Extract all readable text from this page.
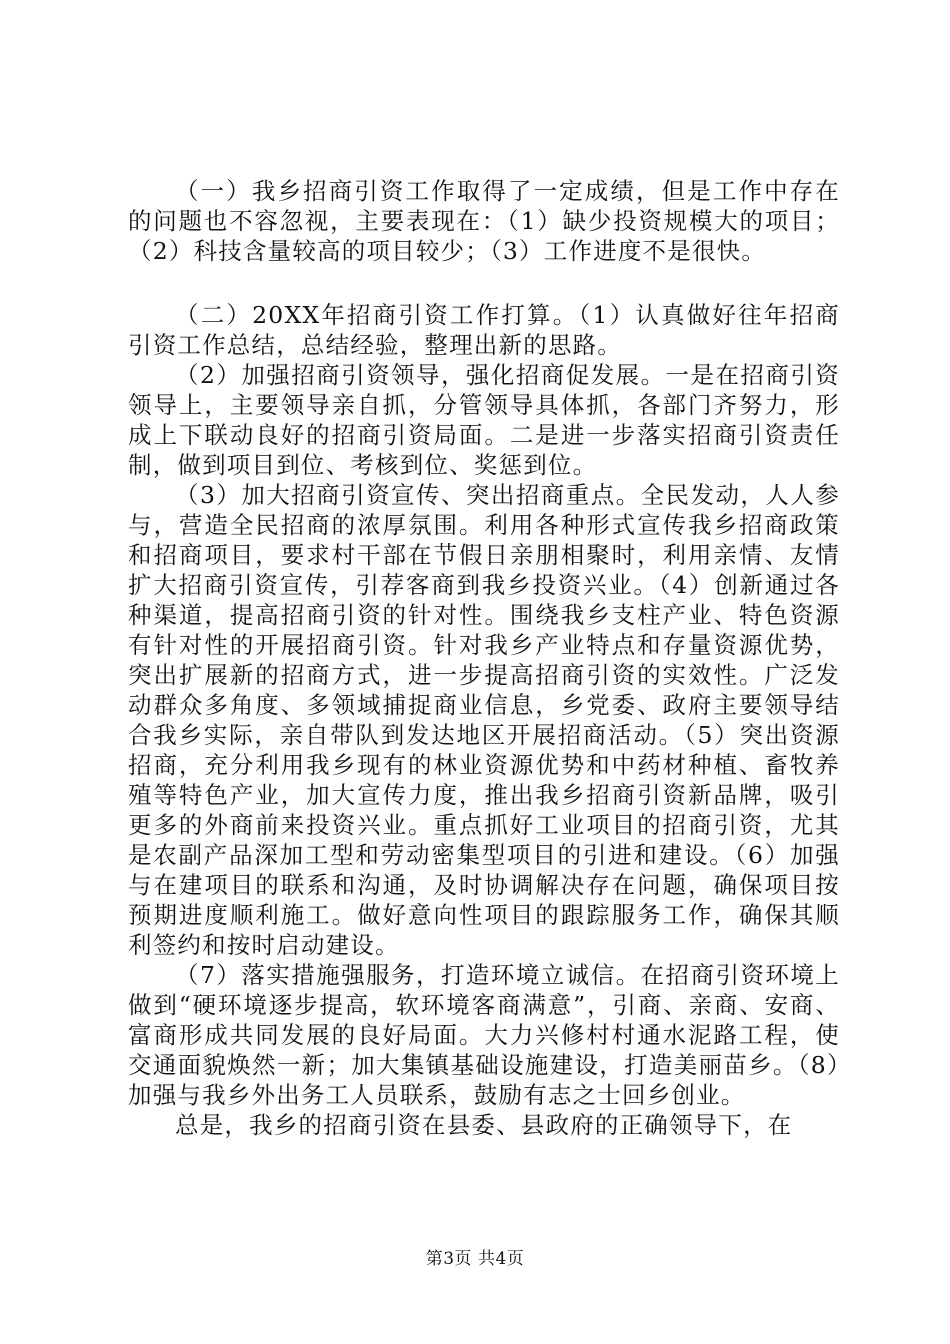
（一）我乡招商引资工作取得了一定成绩，但是工作中存在的问题也不容忽视，主要表现在：（1）缺少投资规模大的项目；（2）科技含量较高的项目较少；（3）工作进度不是很快。

（二）20XX年招商引资工作打算。（1）认真做好往年招商引资工作总结，总结经验，整理出新的思路。

（2）加强招商引资领导，强化招商促发展。一是在招商引资领导上，主要领导亲自抓，分管领导具体抓，各部门齐努力，形成上下联动良好的招商引资局面。二是进一步落实招商引资责任制，做到项目到位、考核到位、奖惩到位。

（3）加大招商引资宣传、突出招商重点。全民发动，人人参与，营造全民招商的浓厚氛围。利用各种形式宣传我乡招商政策和招商项目，要求村干部在节假日亲朋相聚时，利用亲情、友情扩大招商引资宣传，引荐客商到我乡投资兴业。（4）创新通过各种渠道，提高招商引资的针对性。围绕我乡支柱产业、特色资源有针对性的开展招商引资。针对我乡产业特点和存量资源优势，突出扩展新的招商方式，进一步提高招商引资的实效性。广泛发动群众多角度、多领域捕捉商业信息，乡党委、政府主要领导结合我乡实际，亲自带队到发达地区开展招商活动。（5）突出资源招商，充分利用我乡现有的林业资源优势和中药材种植、畜牧养殖等特色产业，加大宣传力度，推出我乡招商引资新品牌，吸引更多的外商前来投资兴业。重点抓好工业项目的招商引资，尤其是农副产品深加工型和劳动密集型项目的引进和建设。（6）加强与在建项目的联系和沟通，及时协调解决存在问题，确保项目按预期进度顺利施工。做好意向性项目的跟踪服务工作，确保其顺利签约和按时启动建设。

（7）落实措施强服务，打造环境立诚信。在招商引资环境上做到“硬环境逐步提高，软环境客商满意”，引商、亲商、安商、富商形成共同发展的良好局面。大力兴修村村通水泥路工程，使交通面貌焕然一新；加大集镇基础设施建设，打造美丽苗乡。（8）加强与我乡外出务工人员联系，鼓励有志之士回乡创业。

总是，我乡的招商引资在县委、县政府的正确领导下，在

第3页 共4页
